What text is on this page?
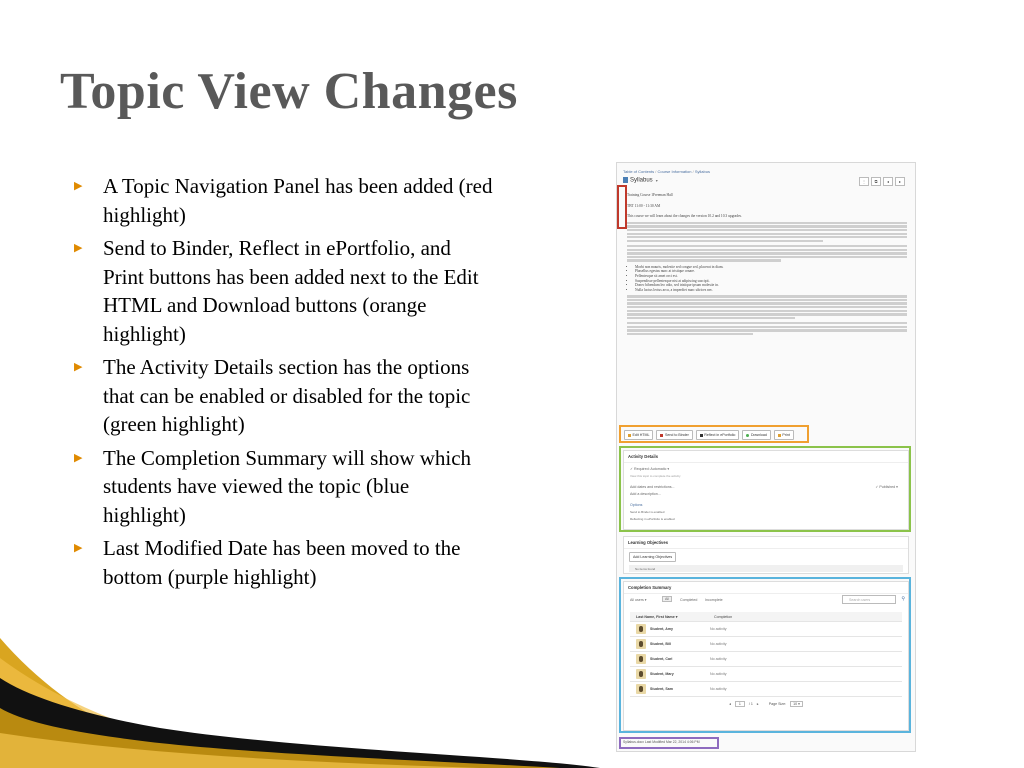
Topic View Changes
▶ A Topic Navigation Panel has been added (red highlight)
▶ Send to Binder, Reflect in ePortfolio, and Print buttons has been added next to the Edit HTML and Download buttons (orange highlight)
▶ The Activity Details section has the options that can be enabled or disabled for the topic (green highlight)
▶ The Completion Summary will show which students have viewed the topic (blue highlight)
▶ Last Modified Date has been moved to the bottom (purple highlight)
Table of Contents / Course Information / Syllabus
Syllabus ▾	⋮	⧉	◂	▸

Training Course 1Freeman Hall

TBT 11:00 - 11:30 AM

This course we will learn about the changes the version 10.2 and 10.3 upgrades.

• Morbi non mauris, molestie sed congue sed, placerat in diam.
• Phasellus egestas nunc at tristique ornare.
• Pellentesque sit amet orci est.
• Suspendisse pellentesque nisi at adipiscing suscipit.
• Donec bibendum leo odio, sed tristique ipsum molestie in.
• Nulla luctus lectus arcu, a imperdiet nunc ultrices nec.
Edit HTML	Send to Binder	Reflect in ePortfolio	Download	Print
Activity Details
✓ Required: Automatic ▾
View this topic to complete the activity
Add dates and restrictions...	✓ Published ▾
Add a description...
Options
Send to Binder is enabled
Reflecting in ePortfolio is enabled
Learning Objectives
Add Learning Objectives
No items found
Completion Summary
All users ▾	All	Completed	Incomplete	Search users	⚲
Last Name, First Name ▾	Completion
Student, Amy	No activity
Student, Bill	No activity
Student, Carl	No activity
Student, Mary	No activity
Student, Sam	No activity
◂	1	/ 1 ▸	Page Size:	10 ▾
Syllabus.docx Last Modified Mar 22, 2014 4:06 PM
